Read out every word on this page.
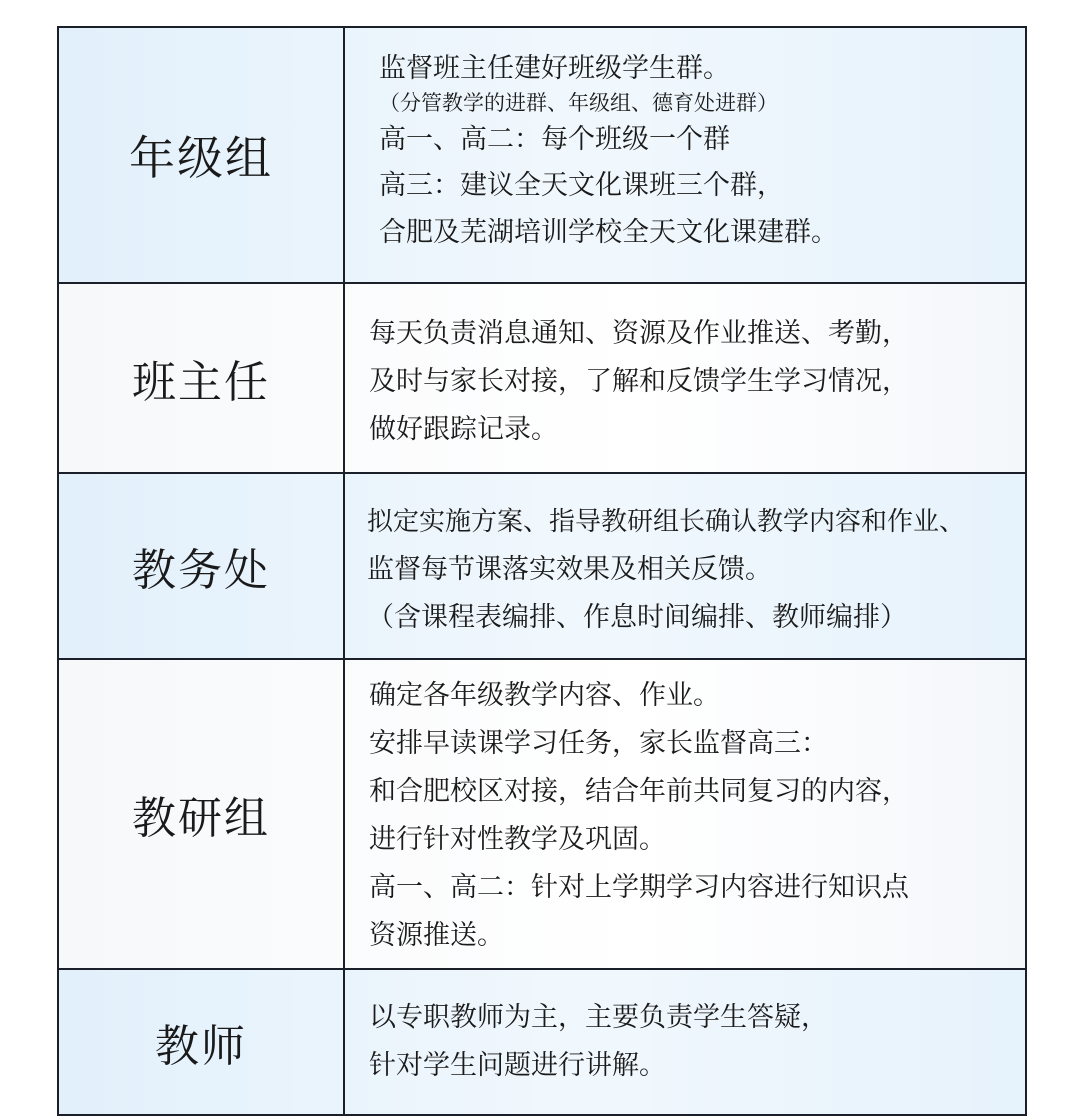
年级组
监督班主任建好班级学生群。
（分管教学的进群、年级组、德育处进群）
高一、高二：每个班级一个群
高三：建议全天文化课班三个群，
合肥及芜湖培训学校全天文化课建群。
班主任
每天负责消息通知、资源及作业推送、考勤，
及时与家长对接，了解和反馈学生学习情况，
做好跟踪记录。
教务处
拟定实施方案、指导教研组长确认教学内容和作业、
监督每节课落实效果及相关反馈。
（含课程表编排、作息时间编排、教师编排）
教研组
确定各年级教学内容、作业。
安排早读课学习任务，家长监督高三：
和合肥校区对接，结合年前共同复习的内容，
进行针对性教学及巩固。
高一、高二：针对上学期学习内容进行知识点
资源推送。
教师
以专职教师为主，主要负责学生答疑，
针对学生问题进行讲解。
